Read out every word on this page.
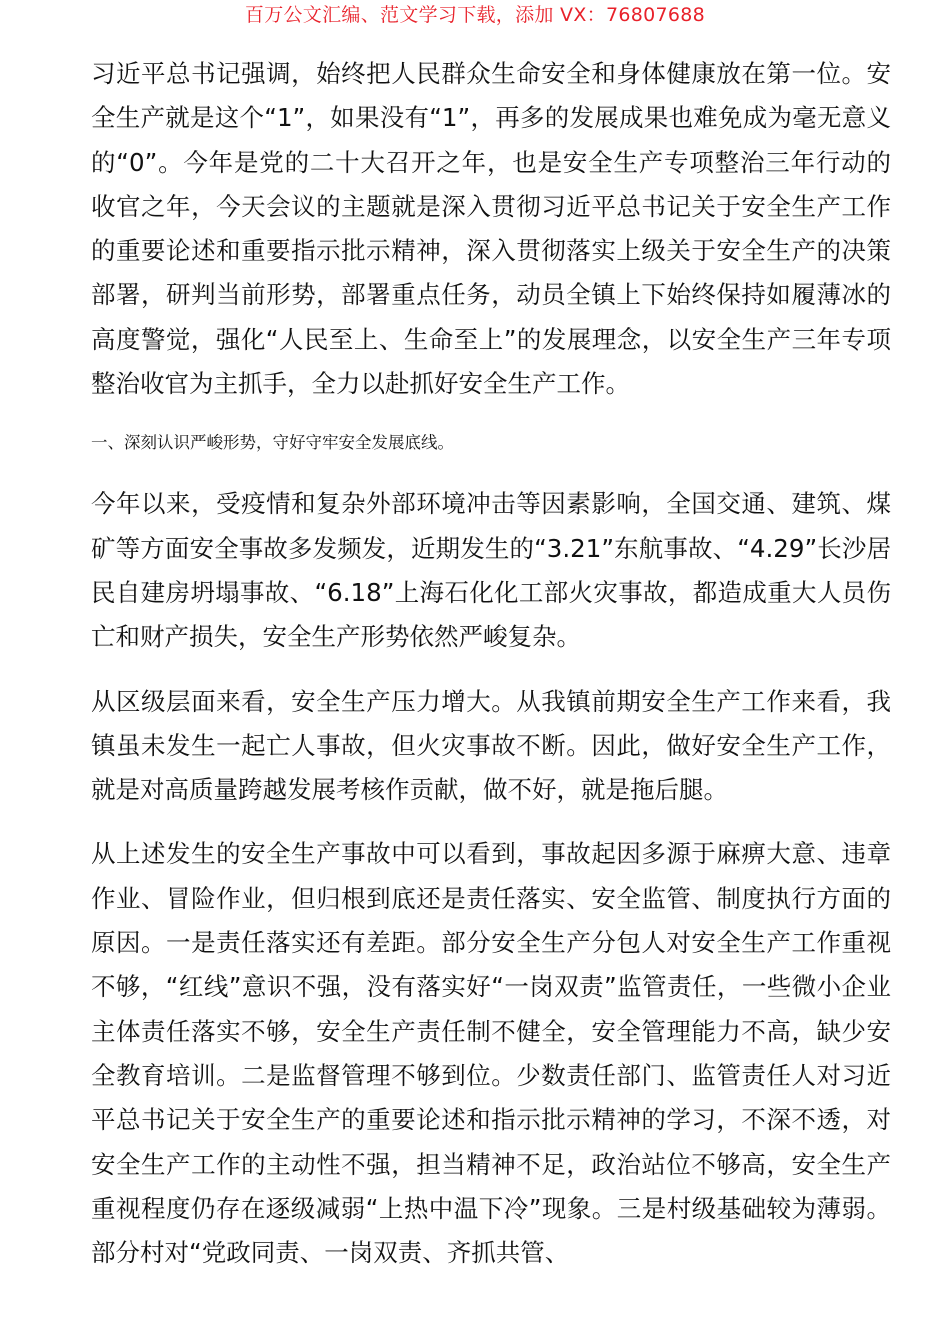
百万公文汇编、范文学习下载，添加 VX：76807688

习近平总书记强调，始终把人民群众生命安全和身体健康放在第一位。安全生产就是这个“1”，如果没有“1”，再多的发展成果也难免成为毫无意义的“0”。今年是党的二十大召开之年，也是安全生产专项整治三年行动的收官之年，今天会议的主题就是深入贯彻习近平总书记关于安全生产工作的重要论述和重要指示批示精神，深入贯彻落实上级关于安全生产的决策部署，研判当前形势，部署重点任务，动员全镇上下始终保持如履薄冰的高度警觉，强化“人民至上、生命至上”的发展理念，以安全生产三年专项整治收官为主抓手，全力以赴抓好安全生产工作。

一、深刻认识严峻形势，守好守牢安全发展底线。

今年以来，受疫情和复杂外部环境冲击等因素影响，全国交通、建筑、煤矿等方面安全事故多发频发，近期发生的“3.21”东航事故、“4.29”长沙居民自建房坍塌事故、“6.18”上海石化化工部火灾事故，都造成重大人员伤亡和财产损失，安全生产形势依然严峻复杂。

从区级层面来看，安全生产压力增大。从我镇前期安全生产工作来看，我镇虽未发生一起亡人事故，但火灾事故不断。因此，做好安全生产工作，就是对高质量跨越发展考核作贡献，做不好，就是拖后腿。

从上述发生的安全生产事故中可以看到，事故起因多源于麻痹大意、违章作业、冒险作业，但归根到底还是责任落实、安全监管、制度执行方面的原因。一是责任落实还有差距。部分安全生产分包人对安全生产工作重视不够，“红线”意识不强，没有落实好“一岗双责”监管责任，一些微小企业主体责任落实不够，安全生产责任制不健全，安全管理能力不高，缺少安全教育培训。二是监督管理不够到位。少数责任部门、监管责任人对习近平总书记关于安全生产的重要论述和指示批示精神的学习，不深不透，对安全生产工作的主动性不强，担当精神不足，政治站位不够高，安全生产重视程度仍存在逐级减弱“上热中温下冷”现象。三是村级基础较为薄弱。部分村对“党政同责、一岗双责、齐抓共管、
